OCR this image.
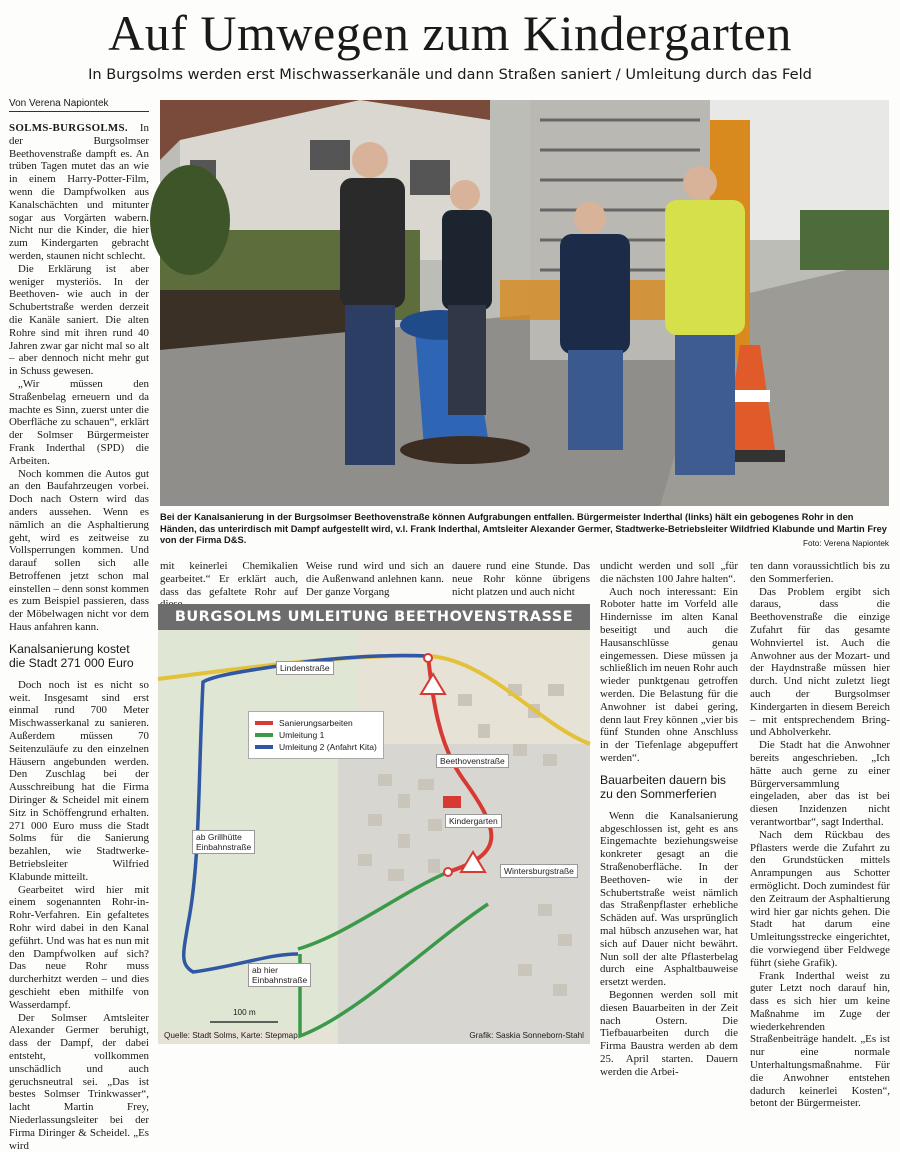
Auf Umwegen zum Kindergarten
In Burgsolms werden erst Mischwasserkanäle und dann Straßen saniert / Umleitung durch das Feld
Von Verena Napiontek

SOLMS-BURGSOLMS. In der Burgsolmser Beethovenstraße dampft es. An trüben Tagen mutet das an wie in einem Harry-Potter-Film, wenn die Dampfwolken aus Kanalschächten und mitunter sogar aus Vorgärten wabern. Nicht nur die Kinder, die hier zum Kindergarten gebracht werden, staunen nicht schlecht.

Die Erklärung ist aber weniger mysteriös. In der Beethoven- wie auch in der Schubertstraße werden derzeit die Kanäle saniert. Die alten Rohre sind mit ihren rund 40 Jahren zwar gar nicht mal so alt – aber dennoch nicht mehr gut in Schuss gewesen.

„Wir müssen den Straßenbelag erneuern und da machte es Sinn, zuerst unter die Oberfläche zu schauen“, erklärt der Solmser Bürgermeister Frank Inderthal (SPD) die Arbeiten.

Noch kommen die Autos gut an den Baufahrzeugen vorbei. Doch nach Ostern wird das anders aussehen. Wenn es nämlich an die Asphaltierung geht, wird es zeitweise zu Vollsperrungen kommen. Und darauf sollen sich alle Betroffenen jetzt schon mal einstellen – denn sonst kommen es zum Beispiel passieren, dass der Möbelwagen nicht vor dem Haus anfahren kann.

Kanalsanierung kostet die Stadt 271 000 Euro

Doch noch ist es nicht so weit. Insgesamt sind erst einmal rund 700 Meter Mischwasserkanal zu sanieren. Außerdem müssen 70 Seitenzuläufe zu den einzelnen Häusern angebunden werden. Den Zuschlag bei der Ausschreibung hat die Firma Diringer & Scheidel mit einem Sitz in Schöffengrund erhalten. 271 000 Euro muss die Stadt Solms für die Sanierung bezahlen, wie Stadtwerke-Betriebsleiter Wilfried Klabunde mitteilt.

Gearbeitet wird hier mit einem sogenannten Rohr-in-Rohr-Verfahren. Ein gefaltetes Rohr wird dabei in den Kanal geführt. Und was hat es nun mit den Dampfwolken auf sich? Das neue Rohr muss durcherhitzt werden – und dies geschieht eben mithilfe von Wasserdampf.

Der Solmser Amtsleiter Alexander Germer beruhigt, dass der Dampf, der dabei entsteht, vollkommen unschädlich und auch geruchsneutral sei. „Das ist bestes Solmser Trinkwasser“, lacht Martin Frey, Niederlassungsleiter bei der Firma Diringer & Scheidel. „Es wird

Bei der Kanalsanierung in der Burgsolmser Beethovenstraße können Aufgrabungen entfallen. Bürgermeister Inderthal (links) hält ein gebogenes Rohr in den Händen, das unterirdisch mit Dampf aufgestellt wird, v.l. Frank Inderthal, Amtsleiter Alexander Germer, Stadtwerke-Betriebsleiter Wildfried Klabunde und Martin Frey von der Firma D&S.	Foto: Verena Napiontek

mit keinerlei Chemikalien gearbeitet.“ Er erklärt auch, dass das gefaltete Rohr auf

Weise rund wird und sich an die Außenwand anlehnen kann. Der ganze Vorgang

dauere rund eine Stunde. Das neue Rohr könne übrigens nicht platzen und auch nicht

BURGSOLMS UMLEITUNG BEETHOVENSTRASSE
Sanierungsarbeiten
Umleitung 1
Umleitung 2 (Anfahrt Kita)
Lindenstraße
Beethovenstraße
Kindergarten
Wintersburgstraße
ab Grillhütte
Einbahnstraße
ab hier
Einbahnstraße
100 m
Quelle: Stadt Solms, Karte: Stepmap	Grafik: Saskia Sonneborn-Stahl

undicht werden und soll „für die nächsten 100 Jahre halten“.

Auch noch interessant: Ein Roboter hatte im Vorfeld alle Hindernisse im alten Kanal beseitigt und auch die Hausanschlüsse genau eingemessen. Diese müssen ja schließlich im neuen Rohr auch wieder punktgenau getroffen werden. Die Belastung für die Anwohner ist dabei gering, denn laut Frey können „vier bis fünf Stunden ohne Anschluss in der Tiefenlage abgepuffert werden“.

Bauarbeiten dauern bis zu den Sommerferien

Wenn die Kanalsanierung abgeschlossen ist, geht es ans Eingemachte beziehungsweise konkreter gesagt an die Straßenoberfläche. In der Beethoven- wie in der Schubertstraße weist nämlich das Straßenpflaster erhebliche Schäden auf. Was ursprünglich mal hübsch anzusehen war, hat sich auf Dauer nicht bewährt. Nun soll der alte Pflasterbelag durch eine Asphaltbauweise ersetzt werden.

Begonnen werden soll mit diesen Bauarbeiten in der Zeit nach Ostern. Die Tiefbauarbeiten durch die Firma Baustra werden ab dem 25. April starten. Dauern werden die Arbei-

ten dann voraussichtlich bis zu den Sommerferien.

Das Problem ergibt sich daraus, dass die Beethovenstraße die einzige Zufahrt für das gesamte Wohnviertel ist. Auch die Anwohner aus der Mozart- und der Haydnstraße müssen hier durch. Und nicht zuletzt liegt auch der Burgsolmser Kindergarten in diesem Bereich – mit entsprechendem Bring- und Abholverkehr.

Die Stadt hat die Anwohner bereits angeschrieben. „Ich hätte auch gerne zu einer Bürgerversammlung eingeladen, aber das ist bei diesen Inzidenzen nicht verantwortbar“, sagt Inderthal.

Nach dem Rückbau des Pflasters werde die Zufahrt zu den Grundstücken mittels Anrampungen aus Schotter ermöglicht. Doch zumindest für den Zeitraum der Asphaltierung wird hier gar nichts gehen. Die Stadt hat darum eine Umleitungsstrecke eingerichtet, die vorwiegend über Feldwege führt (siehe Grafik).

Frank Inderthal weist zu guter Letzt noch darauf hin, dass es sich hier um keine Maßnahme im Zuge der wiederkehrenden Straßenbeiträge handelt. „Es ist nur eine normale Unterhaltungsmaßnahme. Für die Anwohner entstehen dadurch keinerlei Kosten“, betont der Bürgermeister.
